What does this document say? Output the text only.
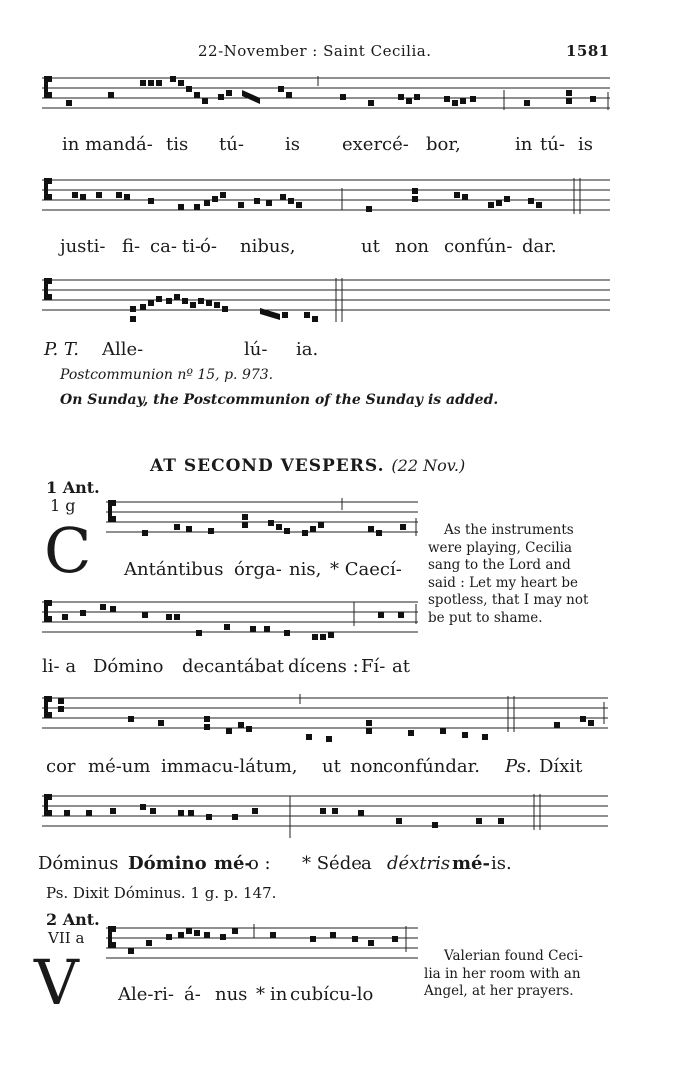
22-November : Saint Cecilia.	1581
in mandá- tis tú- is exercé- bor,	in tú- is
justi- fi- ca- ti-
ó- nibus,	ut non confún- dar.
P. T. Alle-	lú- ia.
Postcommunion nº 15, p. 973.
On Sunday, the Postcommunion of the Sunday is added.
AT SECOND VESPERS. (22 Nov.)
1 Ant.
1 g
C Antántibus órga- nis, * Caecí-
As the instruments
were playing, Cecilia
sang to the Lord and
said : Let my heart be
spotless, that I may not
be put to shame.
li- a Dómino decantábat dícens : Fí- at
cor mé-um immacu-látum, ut non
confúndar. Ps. Díxit
Dóminus Dómino mé-
o : * Séde a déxtris mé- is.
Ps. Dixit Dóminus. 1 g. p. 147.
2 Ant.
VII a
V Ale-ri- á- nus * in cubícu-lo
Valerian found Ceci-
lia in her room with an
Angel, at her prayers.
